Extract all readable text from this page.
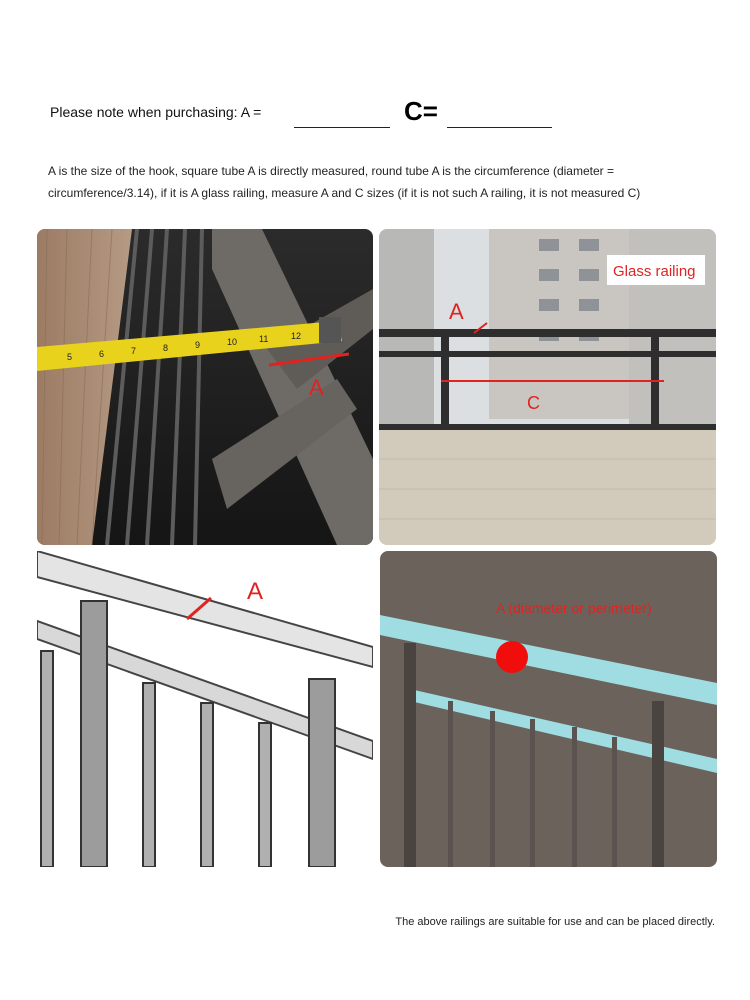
Please note when purchasing: A =	C=
A is the size of the hook, square tube A is directly measured, round tube A is the circumference (diameter = circumference/3.14), if it is A glass railing, measure A and C sizes (if it is not such A railing, it is not measured C)
5	6	7	8	9	10 11	12
A
A
C
Glass railing
A
A (diameter or perimeter)
The above railings are suitable for use and can be placed directly.
